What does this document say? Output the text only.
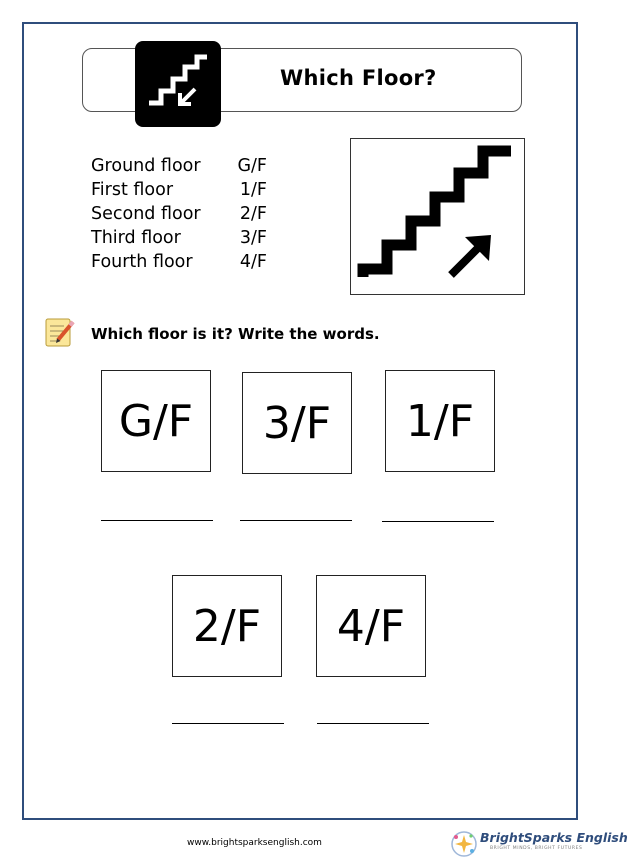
Which Floor?
Ground floor	G/F
First floor	1/F
Second floor	2/F
Third floor	3/F
Fourth floor	4/F
Which floor is it? Write the words.
G/F	3/F	1/F
2/F	4/F
www.brightsparksenglish.com	BrightSparks English
BRIGHT MINDS, BRIGHT FUTURES
